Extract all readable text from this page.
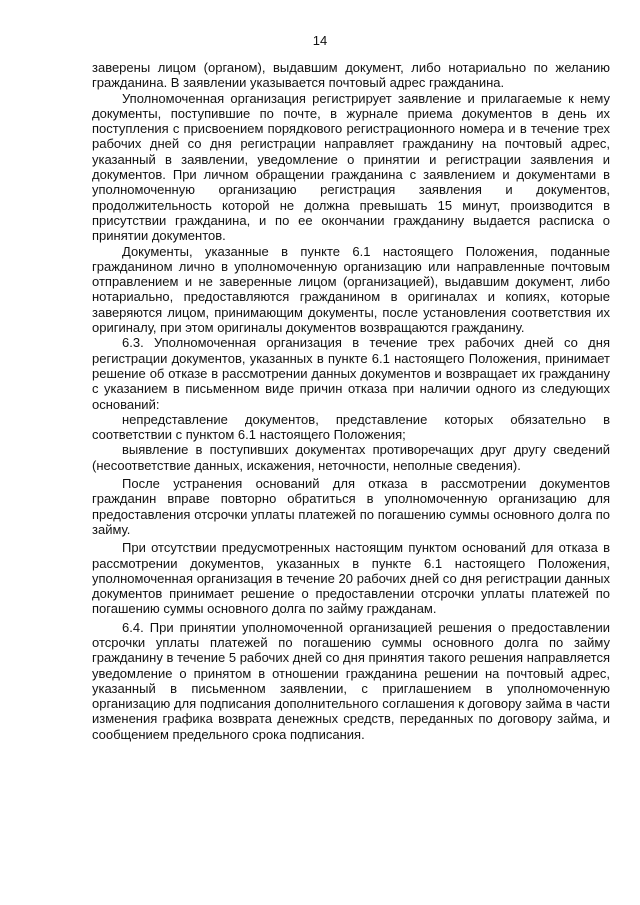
14

заверены лицом (органом), выдавшим документ, либо нотариально по желанию гражданина. В заявлении указывается почтовый адрес гражданина.

Уполномоченная организация регистрирует заявление и прилагаемые к нему документы, поступившие по почте, в журнале приема документов в день их поступления с присвоением порядкового регистрационного номера и в течение трех рабочих дней со дня регистрации направляет гражданину на почтовый адрес, указанный в заявлении, уведомление о принятии и регистрации заявления и документов. При личном обращении гражданина с заявлением и документами в уполномоченную организацию регистрация заявления и документов, продолжительность которой не должна превышать 15 минут, производится в присутствии гражданина, и по ее окончании гражданину выдается расписка о принятии документов.

Документы, указанные в пункте 6.1 настоящего Положения, поданные гражданином лично в уполномоченную организацию или направленные почтовым отправлением и не заверенные лицом (организацией), выдавшим документ, либо нотариально, предоставляются гражданином в оригиналах и копиях, которые заверяются лицом, принимающим документы, после установления соответствия их оригиналу, при этом оригиналы документов возвращаются гражданину.

6.3. Уполномоченная организация в течение трех рабочих дней со дня регистрации документов, указанных в пункте 6.1 настоящего Положения, принимает решение об отказе в рассмотрении данных документов и возвращает их гражданину с указанием в письменном виде причин отказа при наличии одного из следующих оснований:

непредставление документов, представление которых обязательно в соответствии с пунктом 6.1 настоящего Положения;

выявление в поступивших документах противоречащих друг другу сведений (несоответствие данных, искажения, неточности, неполные сведения).

После устранения оснований для отказа в рассмотрении документов гражданин вправе повторно обратиться в уполномоченную организацию для предоставления отсрочки уплаты платежей по погашению суммы основного долга по займу.

При отсутствии предусмотренных настоящим пунктом оснований для отказа в рассмотрении документов, указанных в пункте 6.1 настоящего Положения, уполномоченная организация в течение 20 рабочих дней со дня регистрации данных документов принимает решение о предоставлении отсрочки уплаты платежей по погашению суммы основного долга по займу гражданам.

6.4. При принятии уполномоченной организацией решения о предоставлении отсрочки уплаты платежей по погашению суммы основного долга по займу гражданину в течение 5 рабочих дней со дня принятия такого решения направляется уведомление о принятом в отношении гражданина решении на почтовый адрес, указанный в письменном заявлении, с приглашением в уполномоченную организацию для подписания дополнительного соглашения к договору займа в части изменения графика возврата денежных средств, переданных по договору займа, и сообщением предельного срока подписания.
